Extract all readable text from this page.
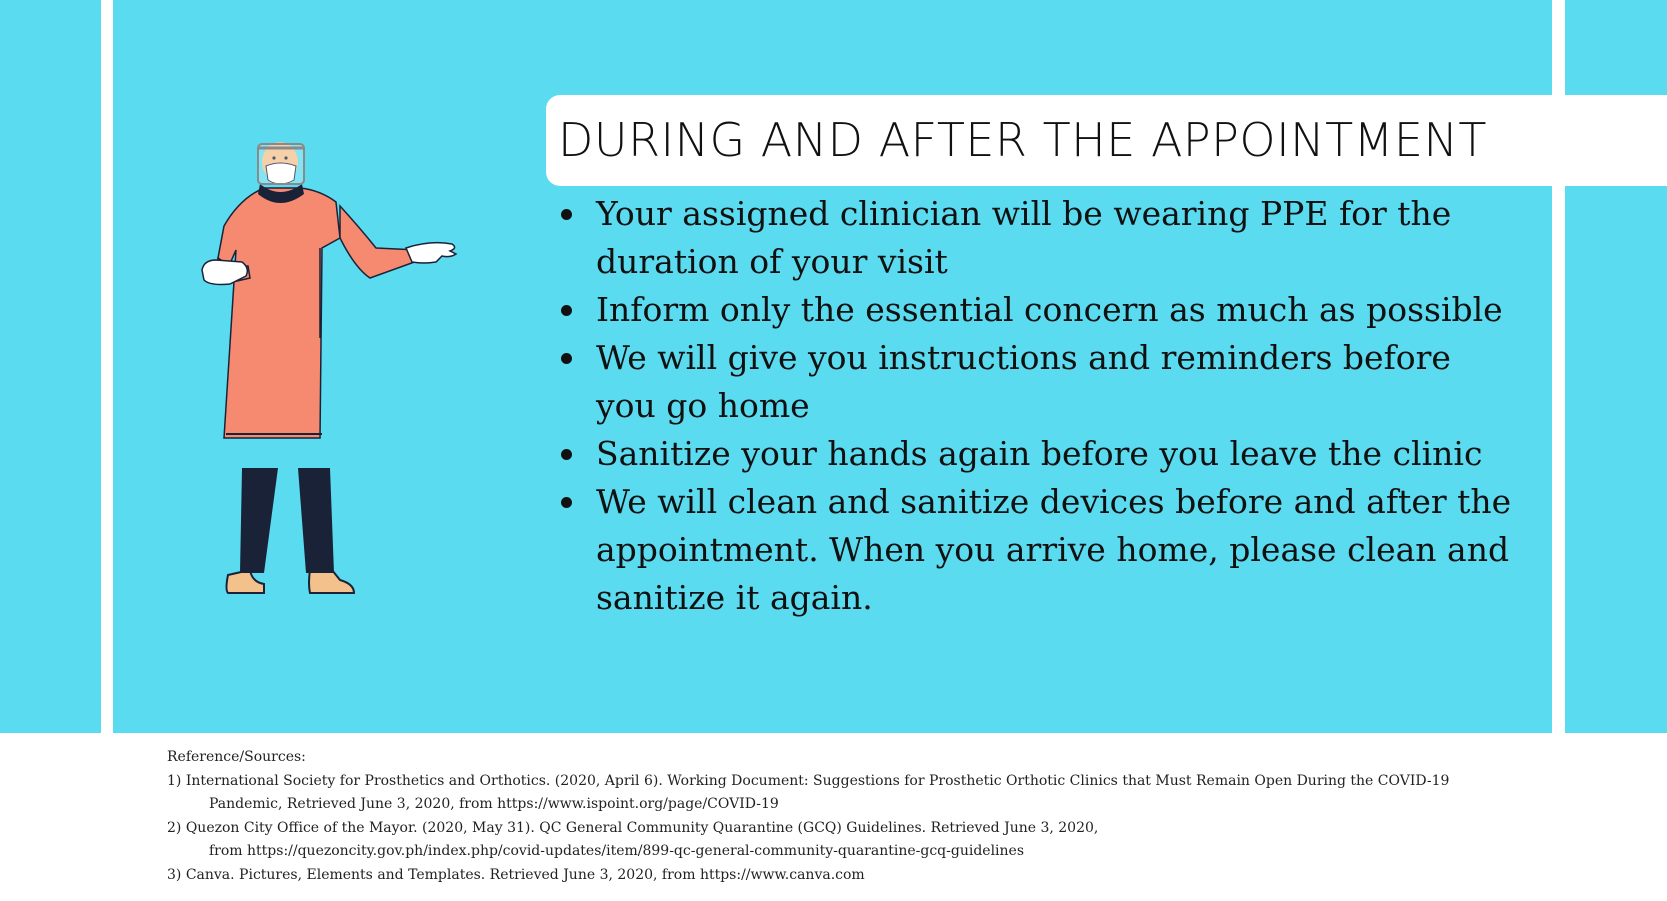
DURING AND AFTER THE APPOINTMENT
Your assigned clinician will be wearing PPE for the duration of your visit
Inform only the essential concern as much as possible
We will give you instructions and reminders before you go home
Sanitize your hands again before you leave the clinic
We will clean and sanitize devices before and after the appointment. When you arrive home, please clean and sanitize it again.
Reference/Sources:
1) International Society for Prosthetics and Orthotics. (2020, April 6). Working Document: Suggestions for Prosthetic Orthotic Clinics that Must Remain Open During the COVID-19
Pandemic, Retrieved June 3, 2020, from https://www.ispoint.org/page/COVID-19
2) Quezon City Office of the Mayor. (2020, May 31). QC General Community Quarantine (GCQ) Guidelines. Retrieved June 3, 2020,
from https://quezoncity.gov.ph/index.php/covid-updates/item/899-qc-general-community-quarantine-gcq-guidelines
3) Canva. Pictures, Elements and Templates. Retrieved June 3, 2020, from https://www.canva.com
